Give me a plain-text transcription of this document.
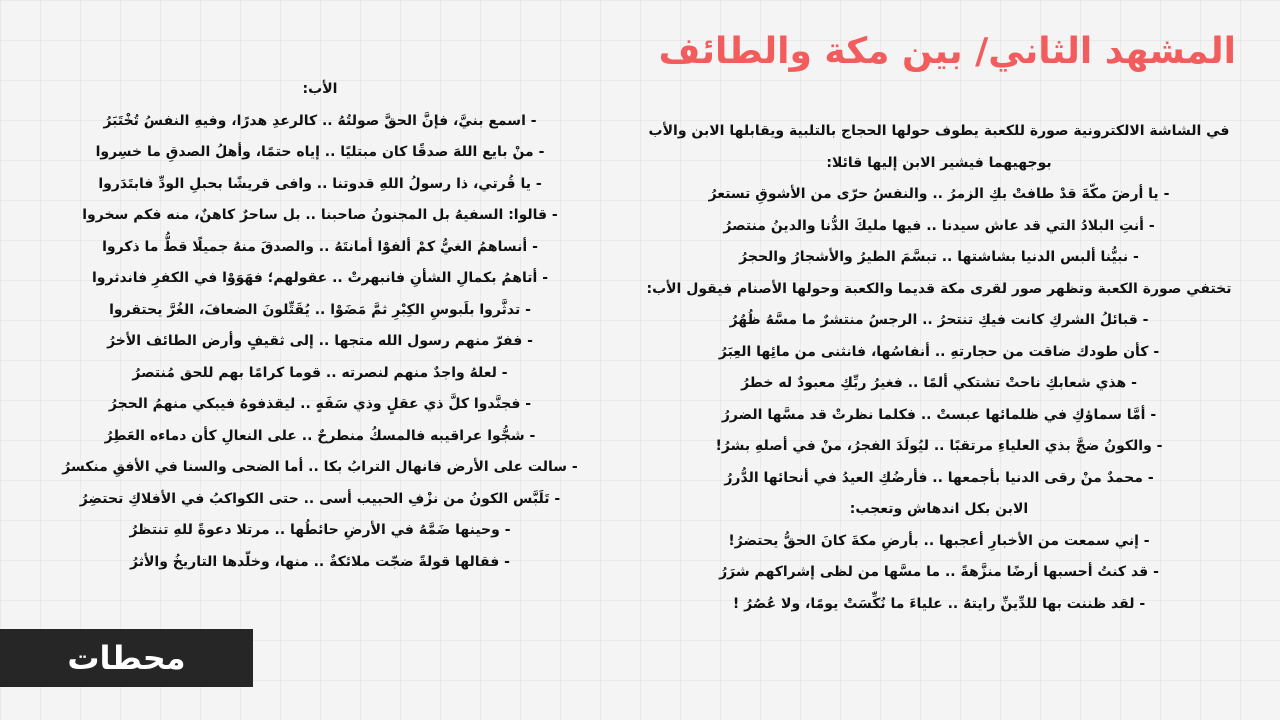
المشهد الثاني/ بين مكة والطائف

في الشاشة الالكترونية صورة للكعبة يطوف حولها الحجاج بالتلبية ويقابلها الابن والأب بوجهيهما فيشير الابن إليها قائلا:

- يا أرضَ مكّةَ قدْ طافتْ بكِ الزمرُ .. والنفسُ حرّى من الأشوقِ تستعرُ

- أنتِ البلادُ التي قد عاش سيدنا .. فيها مليكَ الدُّنا والدينُ منتصرُ

- نبيُّنا ألبس الدنيا بشاشتها .. تبسَّمَ الطيرُ والأشجارُ والحجرُ

تختفي صورة الكعبة وتظهر صور لقرى مكة قديما والكعبة وحولها الأصنام فيقول الأب:

- قبائلُ الشركِ كانت فيكِ تنتحرُ .. الرجسُ منتشرٌ ما مسَّهُ ظُهُرُ

- كأن طودك ضاقت من حجارتهِ .. أنفاسُها، فانثنى من مائِها العِبَرُ

- هذي شعابكِ ناحتْ تشتكي ألمًا .. فغيرُ ربِّكِ معبودٌ له خطرُ

- أمَّا سماؤكِ في ظلمائها عبستْ .. فكلما نظرتْ قد مسَّها الضررُ

- والكونُ ضجَّ بذي العلياءِ مرتقبًا .. ليُولَدَ الفجرُ، منْ في أصلهِ بشرُ!

- محمدٌ منْ رقى الدنيا بأجمعها .. فأرضُكِ العيدُ في أنحائها الدُّررُ

الابن بكل اندهاش وتعجب:

- إني سمعت من الأخبارِ أعجبها .. بأرضِ مكةَ كانَ الحقُّ يحتضرُ!

- قد كنتُ أحسبها أرضًا منزَّهةً .. ما مسَّها من لظى إشراكهم شرَرُ

- لقد ظننت بها للدِّينِّ رايتهُ .. علياءَ ما نُكِّسَتْ يومًا، ولا عُصُرُ !

الأب:

- اسمع بنيَّ، فإنَّ الحقَّ صولتُهُ .. كالرعدِ هدرًا، وفيهِ النفسُ تُخْتَبَرُ

- منْ بايع اللهَ صدقًا كان مبتليًا .. إياه حتمًا، وأهلُ الصدقِ ما خسِروا

- يا قُرتي، ذا رسولُ اللهِ قدوتنا .. وافى قريشًا بحبلِ الودِّ فابتَدَروا

- قالوا: السفيهُ بل المجنونُ صاحبنا .. بل ساحرٌ كاهنٌ، منه فكم سخروا

- أنساهمُ الغيُّ كمْ ألفوْا أمانتَهُ .. والصدقَ منهُ جميلًا قطُّ ما ذكروا

- أتاهمُ بكمالِ الشأنِ فانبهرتْ .. عقولهم؛ فهَوَوْا في الكفرِ فاندثروا

- تدثَّروا بلَبوسِ الكِبْرِ ثمَّ مَضَوْا .. يُقَتِّلونَ الضعافَ، الغُرَّ يحتقروا

- ففرّ منهم رسول الله متجها .. إلى ثقيفٍ وأرض الطائف الأخرُ

- لعلهُ واجدٌ منهم لنصرته .. قوما كرامًا بهم للحق مُنتصرُ

- فجنَّدوا كلَّ ذي عقلٍ وذي سَفَهٍ .. ليقذفوهُ فيبكي منهمُ الحجرُ

- شجُّوا عراقيبه فالمسكُ منطرحٌ .. على النعالِ كأن دماءه العَطِرُ

- سالت على الأرض فانهال الترابُ بكا .. أما الضحى والسنا في الأفقِ منكسرُ

- تَلَبَّس الكونُ من نزْفِ الحبيب أسى .. حتى الكواكبُ في الأفلاكِ تحتضِرُ

- وحينها ضَمَّهُ في الأرضِ حائطُها .. مرتلا دعوةً للهِ تنتظرُ

- فقالها قولةً ضجّت ملائكةٌ .. منها، وخلّدها التاريخُ والأثرُ

محطات
